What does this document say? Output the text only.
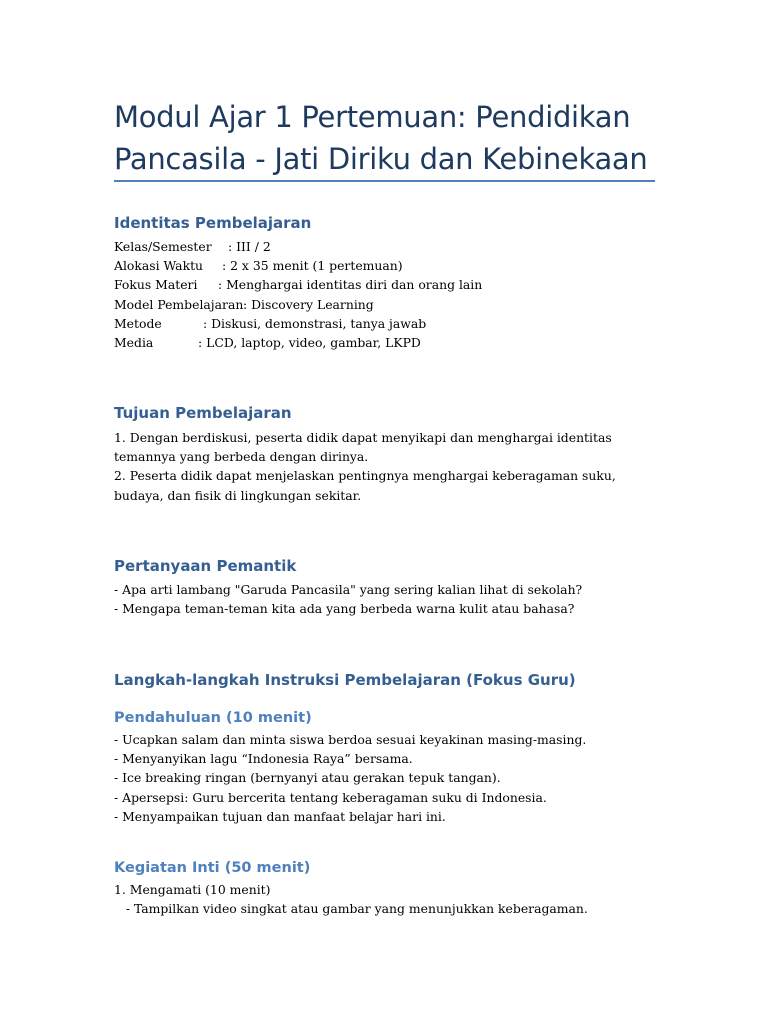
Modul Ajar 1 Pertemuan: Pendidikan Pancasila - Jati Diriku dan Kebinekaan
Identitas Pembelajaran
Kelas/Semester : III / 2
Alokasi Waktu : 2 x 35 menit (1 pertemuan)
Fokus Materi : Menghargai identitas diri dan orang lain
Model Pembelajaran: Discovery Learning
Metode	: Diskusi, demonstrasi, tanya jawab
Media	: LCD, laptop, video, gambar, LKPD
Tujuan Pembelajaran
1. Dengan berdiskusi, peserta didik dapat menyikapi dan menghargai identitas temannya yang berbeda dengan dirinya.
2. Peserta didik dapat menjelaskan pentingnya menghargai keberagaman suku, budaya, dan fisik di lingkungan sekitar.
Pertanyaan Pemantik
- Apa arti lambang "Garuda Pancasila" yang sering kalian lihat di sekolah?
- Mengapa teman-teman kita ada yang berbeda warna kulit atau bahasa?
Langkah-langkah Instruksi Pembelajaran (Fokus Guru)
Pendahuluan (10 menit)
- Ucapkan salam dan minta siswa berdoa sesuai keyakinan masing-masing.
- Menyanyikan lagu “Indonesia Raya” bersama.
- Ice breaking ringan (bernyanyi atau gerakan tepuk tangan).
- Apersepsi: Guru bercerita tentang keberagaman suku di Indonesia.
- Menyampaikan tujuan dan manfaat belajar hari ini.
Kegiatan Inti (50 menit)
1. Mengamati (10 menit)
- Tampilkan video singkat atau gambar yang menunjukkan keberagaman.
